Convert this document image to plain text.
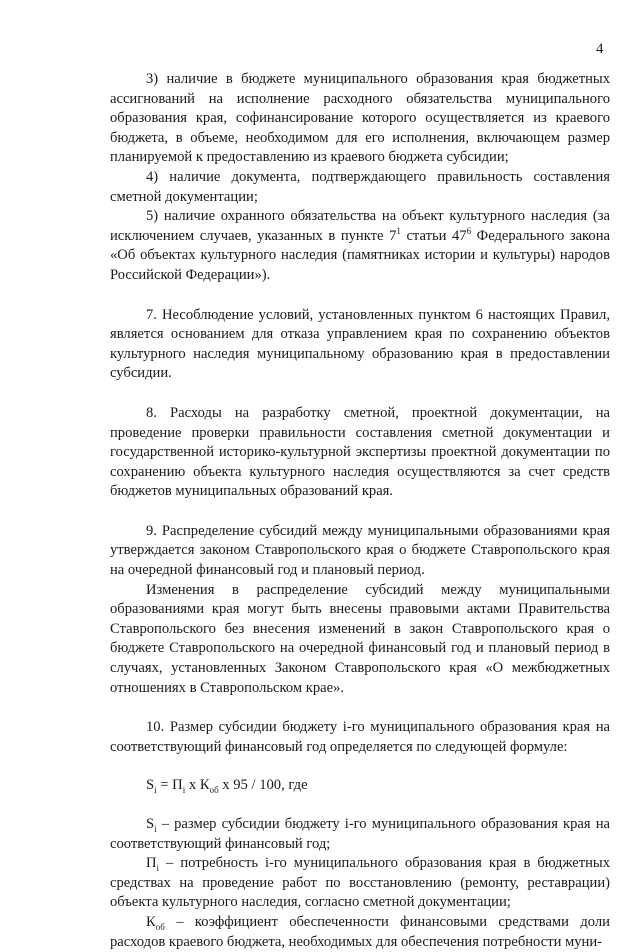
4

3) наличие в бюджете муниципального образования края бюджетных ассигнований на исполнение расходного обязательства муниципального образования края, софинансирование которого осуществляется из краевого бюджета, в объеме, необходимом для его исполнения, включающем размер планируемой к предоставлению из краевого бюджета субсидии;

4) наличие документа, подтверждающего правильность составления сметной документации;

5) наличие охранного обязательства на объект культурного наследия (за исключением случаев, указанных в пункте $7^1$ статьи $47^6$ Федерального закона «Об объектах культурного наследия (памятниках истории и культуры) народов Российской Федерации»).

7. Несоблюдение условий, установленных пунктом 6 настоящих Правил, является основанием для отказа управлением края по сохранению объектов культурного наследия муниципальному образованию края в предоставлении субсидии.

8. Расходы на разработку сметной, проектной документации, на проведение проверки правильности составления сметной документации и государственной историко-культурной экспертизы проектной документации по сохранению объекта культурного наследия осуществляются за счет средств бюджетов муниципальных образований края.

9. Распределение субсидий между муниципальными образованиями края утверждается законом Ставропольского края о бюджете Ставропольского края на очередной финансовый год и плановый период.

Изменения в распределение субсидий между муниципальными образованиями края могут быть внесены правовыми актами Правительства Ставропольского без внесения изменений в закон Ставропольского края о бюджете Ставропольского на очередной финансовый год и плановый период в случаях, установленных Законом Ставропольского края «О межбюджетных отношениях в Ставропольском крае».

10. Размер субсидии бюджету i-го муниципального образования края на соответствующий финансовый год определяется по следующей формуле:

$S_i = П_i$ х $К_{об}$ х 95 / 100, где

$S_i$ – размер субсидии бюджету i-го муниципального образования края на соответствующий финансовый год;

$П_i$ – потребность i-го муниципального образования края в бюджетных средствах на проведение работ по восстановлению (ремонту, реставрации) объекта культурного наследия, согласно сметной документации;

$К_{об}$ – коэффициент обеспеченности финансовыми средствами доли расходов краевого бюджета, необходимых для обеспечения потребности муни-
